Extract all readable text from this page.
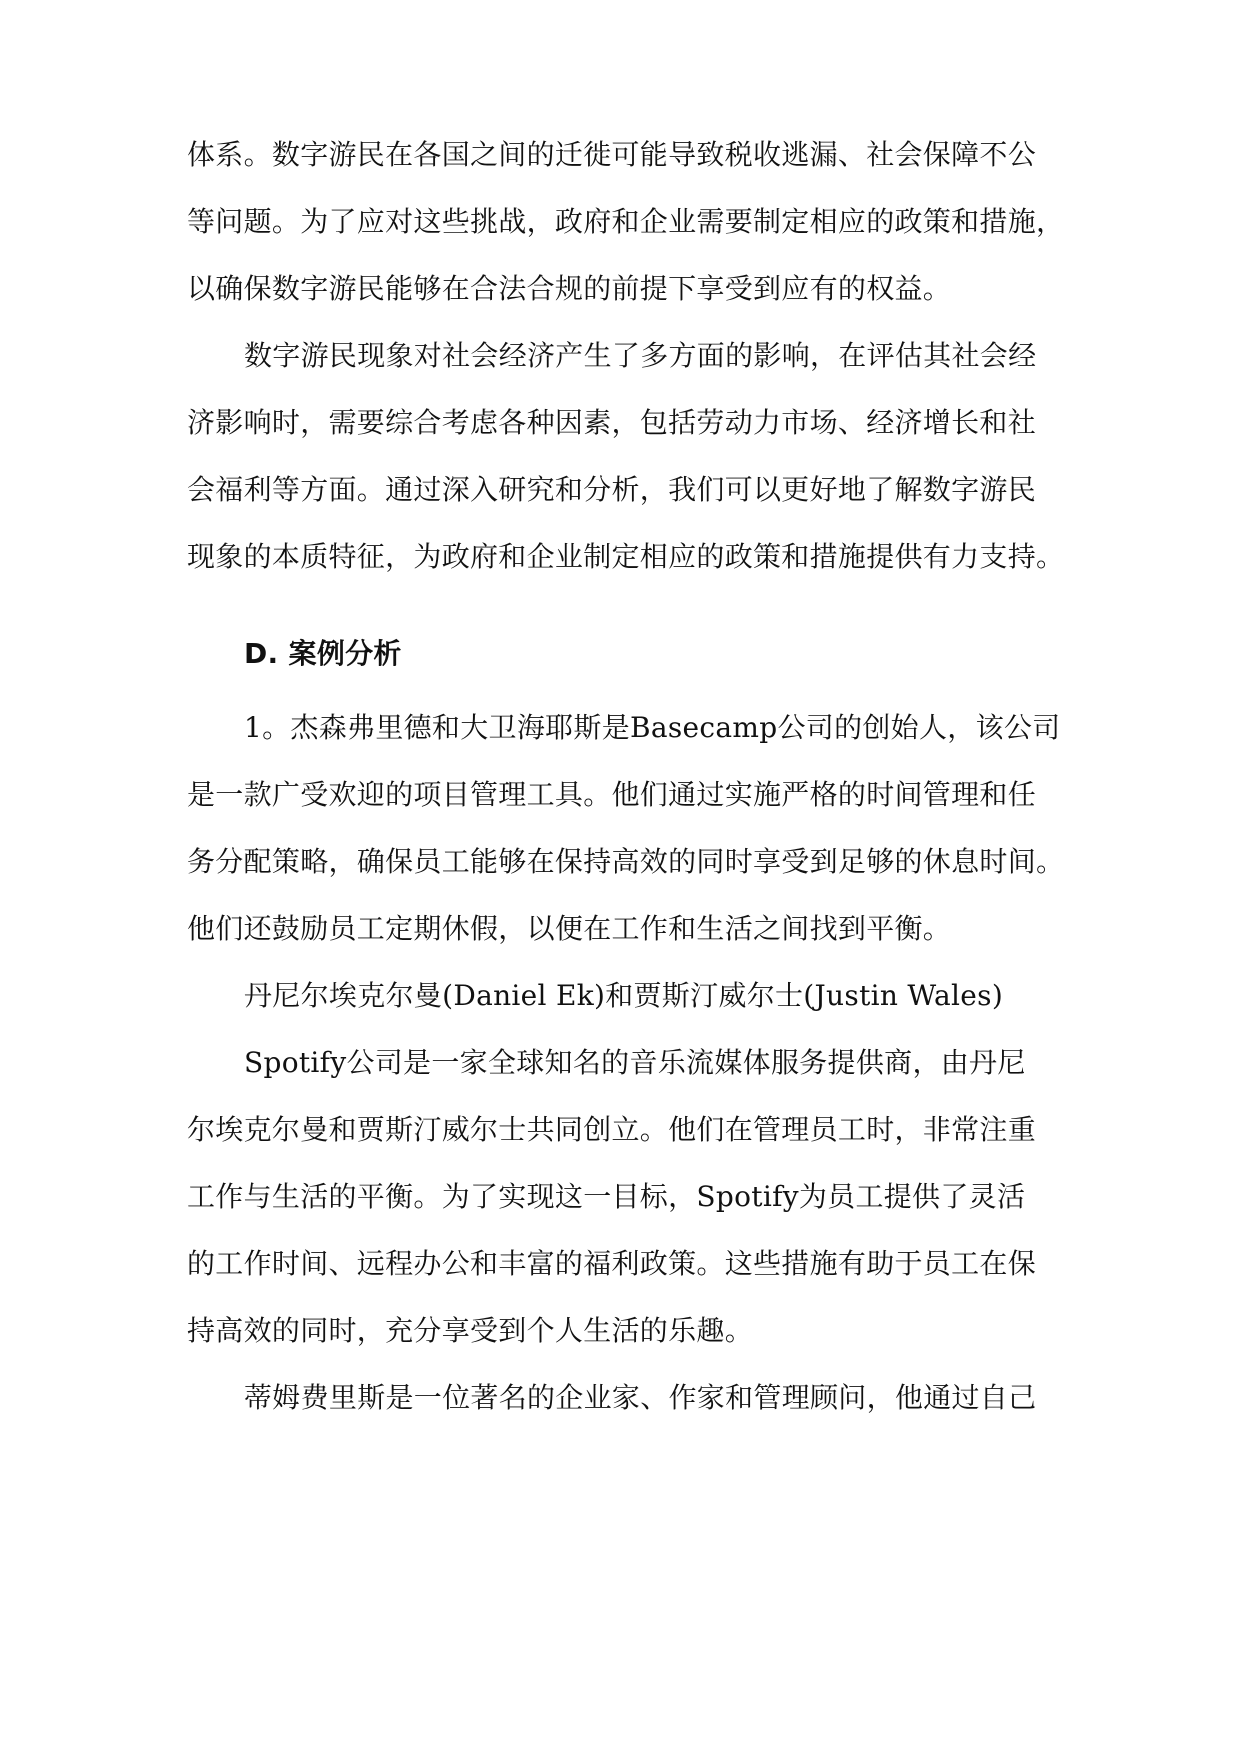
体系。数字游民在各国之间的迁徙可能导致税收逃漏、社会保障不公
等问题。为了应对这些挑战，政府和企业需要制定相应的政策和措施，
以确保数字游民能够在合法合规的前提下享受到应有的权益。
数字游民现象对社会经济产生了多方面的影响，在评估其社会经
济影响时，需要综合考虑各种因素，包括劳动力市场、经济增长和社
会福利等方面。通过深入研究和分析，我们可以更好地了解数字游民
现象的本质特征，为政府和企业制定相应的政策和措施提供有力支持。
D. 案例分析
1。杰森弗里德和大卫海耶斯是Basecamp公司的创始人，该公司
是一款广受欢迎的项目管理工具。他们通过实施严格的时间管理和任
务分配策略，确保员工能够在保持高效的同时享受到足够的休息时间。
他们还鼓励员工定期休假，以便在工作和生活之间找到平衡。
丹尼尔埃克尔曼(Daniel Ek)和贾斯汀威尔士(Justin Wales)
Spotify公司是一家全球知名的音乐流媒体服务提供商，由丹尼
尔埃克尔曼和贾斯汀威尔士共同创立。他们在管理员工时，非常注重
工作与生活的平衡。为了实现这一目标，Spotify为员工提供了灵活
的工作时间、远程办公和丰富的福利政策。这些措施有助于员工在保
持高效的同时，充分享受到个人生活的乐趣。
蒂姆费里斯是一位著名的企业家、作家和管理顾问，他通过自己
